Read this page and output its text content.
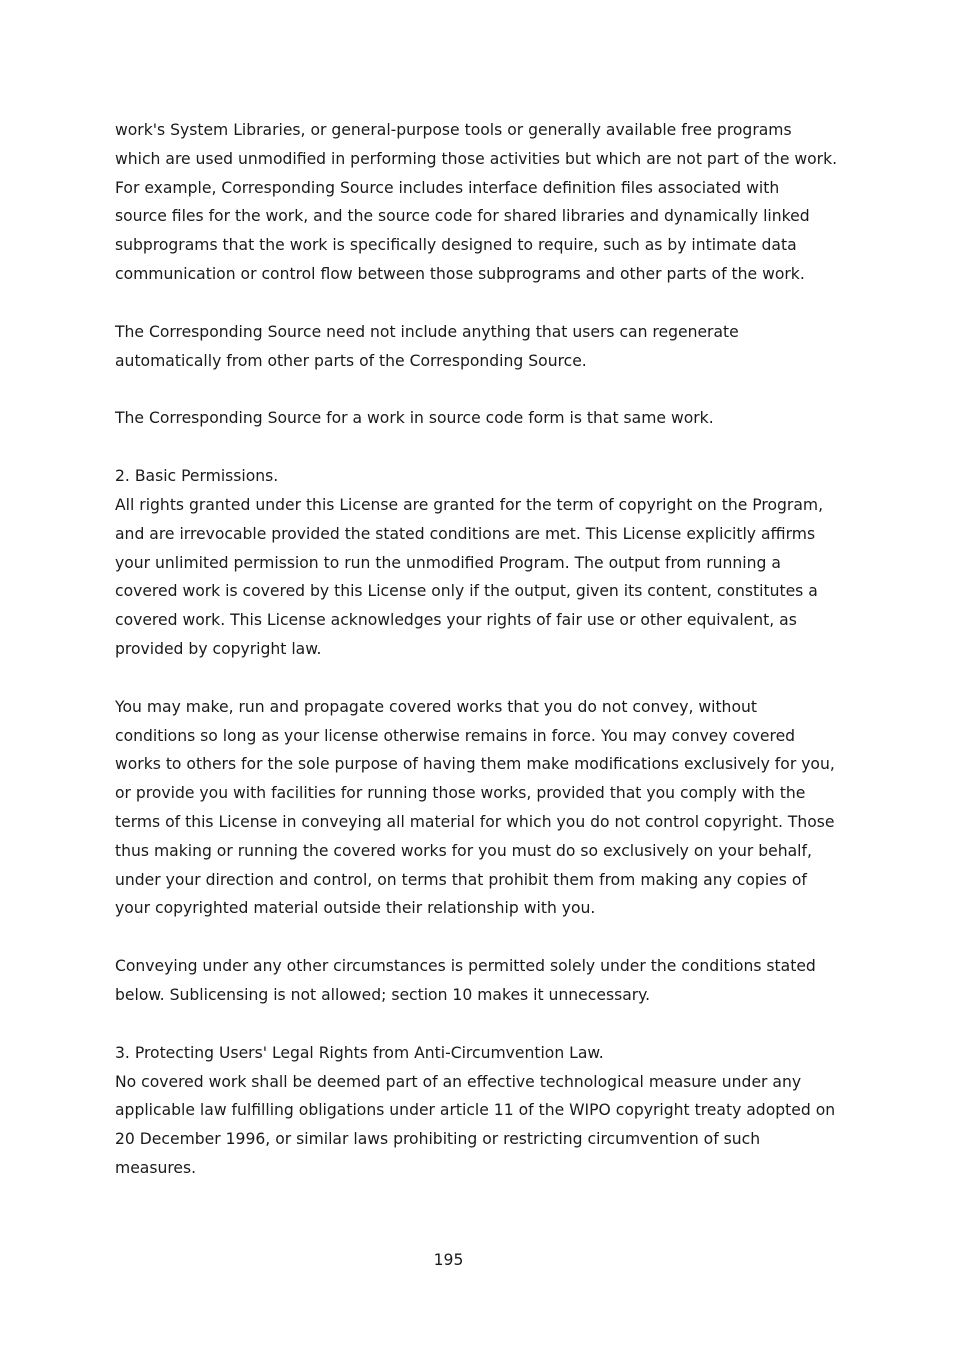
work's System Libraries, or general-purpose tools or generally available free programs
which are used unmodified in performing those activities but which are not part of the work.
For example, Corresponding Source includes interface definition files associated with
source files for the work, and the source code for shared libraries and dynamically linked
subprograms that the work is specifically designed to require, such as by intimate data
communication or control flow between those subprograms and other parts of the work.

The Corresponding Source need not include anything that users can regenerate
automatically from other parts of the Corresponding Source.

The Corresponding Source for a work in source code form is that same work.

2. Basic Permissions.
All rights granted under this License are granted for the term of copyright on the Program,
and are irrevocable provided the stated conditions are met. This License explicitly affirms
your unlimited permission to run the unmodified Program. The output from running a
covered work is covered by this License only if the output, given its content, constitutes a
covered work. This License acknowledges your rights of fair use or other equivalent, as
provided by copyright law.

You may make, run and propagate covered works that you do not convey, without
conditions so long as your license otherwise remains in force. You may convey covered
works to others for the sole purpose of having them make modifications exclusively for you,
or provide you with facilities for running those works, provided that you comply with the
terms of this License in conveying all material for which you do not control copyright. Those
thus making or running the covered works for you must do so exclusively on your behalf,
under your direction and control, on terms that prohibit them from making any copies of
your copyrighted material outside their relationship with you.

Conveying under any other circumstances is permitted solely under the conditions stated
below. Sublicensing is not allowed; section 10 makes it unnecessary.

3. Protecting Users' Legal Rights from Anti-Circumvention Law.
No covered work shall be deemed part of an effective technological measure under any
applicable law fulfilling obligations under article 11 of the WIPO copyright treaty adopted on
20 December 1996, or similar laws prohibiting or restricting circumvention of such
measures.

195
